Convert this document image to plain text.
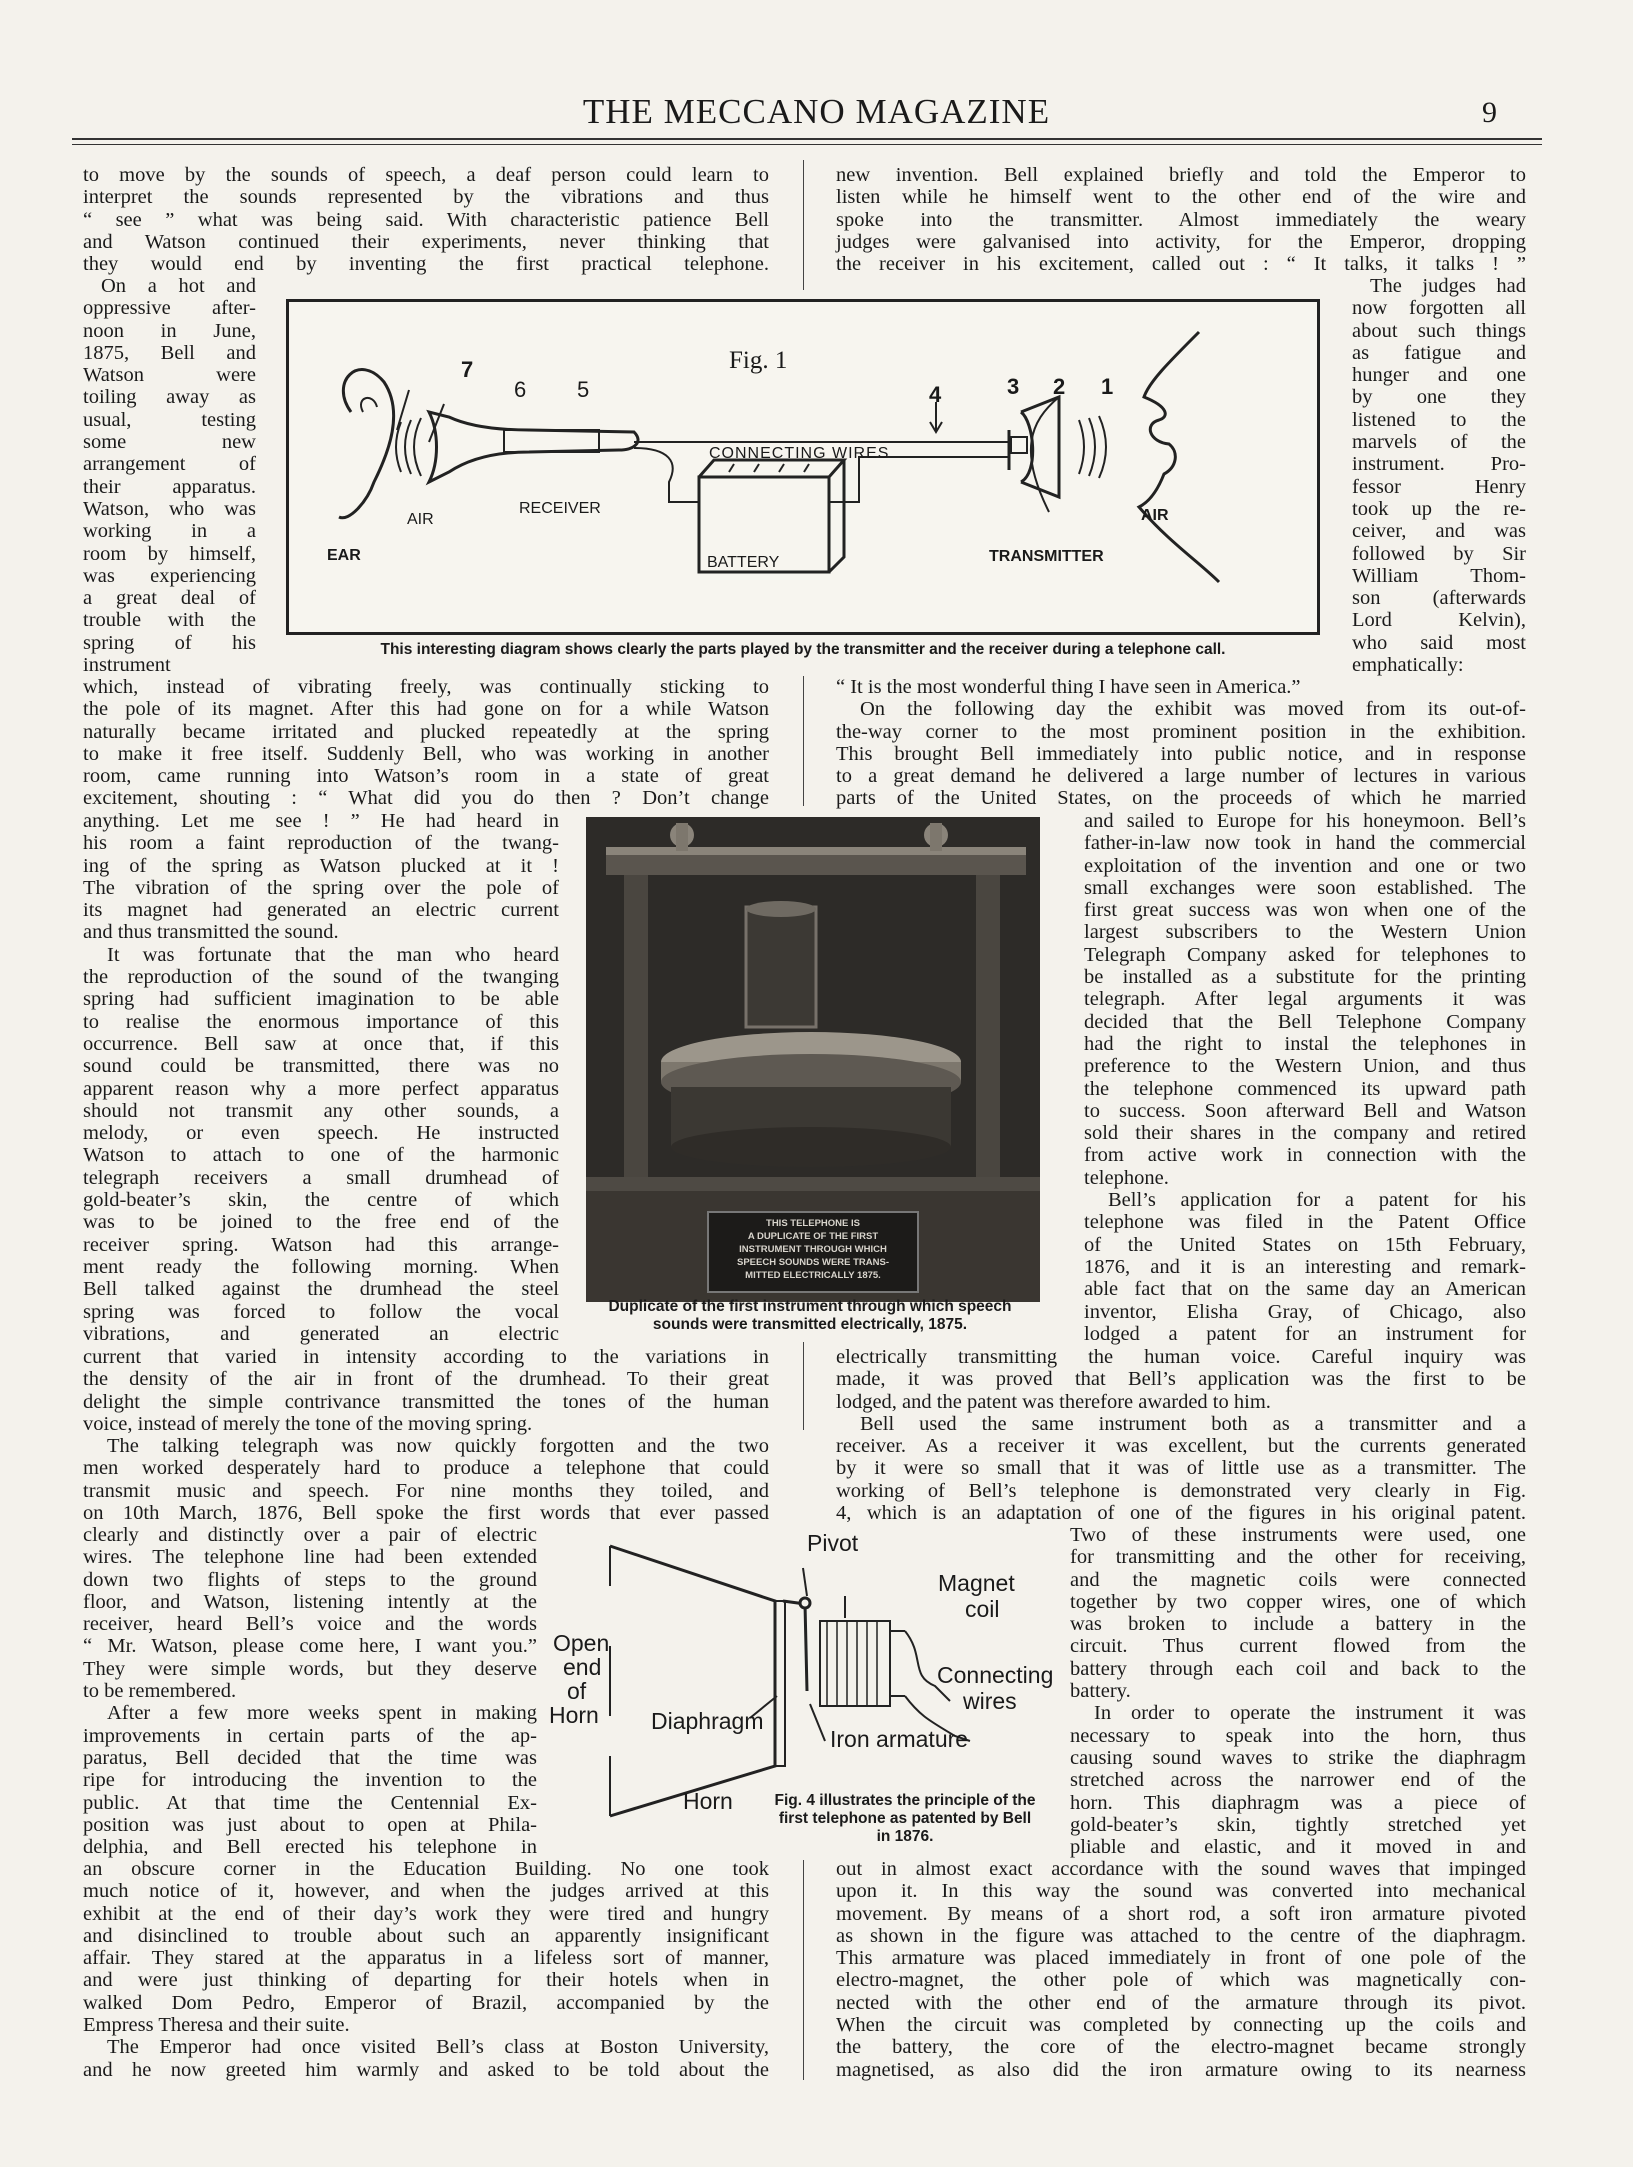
THE MECCANO MAGAZINE	9
to move by the sounds of speech, a deaf person could learn to
interpret the sounds represented by the vibrations and thus
“ see ” what was being said. With characteristic patience Bell
and Watson continued their experiments, never thinking that
they would end by inventing the first practical telephone.
On a hot and
oppressive after-
noon in June,
1875, Bell and
Watson were
toiling away as
usual, testing
some new
arrangement of
their apparatus.
Watson, who was
working in a
room by himself,
was experiencing
a great deal of
trouble with the
spring of his
instrument
which, instead of vibrating freely, was continually sticking to
the pole of its magnet. After this had gone on for a while Watson
naturally became irritated and plucked repeatedly at the spring
to make it free itself. Suddenly Bell, who was working in another
room, came running into Watson’s room in a state of great
excitement, shouting : “ What did you do then ? Don’t change
anything. Let me see ! ” He had heard in
his room a faint reproduction of the twang-
ing of the spring as Watson plucked at it !
The vibration of the spring over the pole of
its magnet had generated an electric current
and thus transmitted the sound.
It was fortunate that the man who heard
the reproduction of the sound of the twanging
spring had sufficient imagination to be able
to realise the enormous importance of this
occurrence. Bell saw at once that, if this
sound could be transmitted, there was no
apparent reason why a more perfect apparatus
should not transmit any other sounds, a
melody, or even speech. He instructed
Watson to attach to one of the harmonic
telegraph receivers a small drumhead of
gold-beater’s skin, the centre of which
was to be joined to the free end of the
receiver spring. Watson had this arrange-
ment ready the following morning. When
Bell talked against the drumhead the steel
spring was forced to follow the vocal
vibrations, and generated an electric
current that varied in intensity according to the variations in
the density of the air in front of the drumhead. To their great
delight the simple contrivance transmitted the tones of the human
voice, instead of merely the tone of the moving spring.
The talking telegraph was now quickly forgotten and the two
men worked desperately hard to produce a telephone that could
transmit music and speech. For nine months they toiled, and
on 10th March, 1876, Bell spoke the first words that ever passed
clearly and distinctly over a pair of electric
wires. The telephone line had been extended
down two flights of steps to the ground
floor, and Watson, listening intently at the
receiver, heard Bell’s voice and the words
“ Mr. Watson, please come here, I want you.”
They were simple words, but they deserve
to be remembered.
After a few more weeks spent in making
improvements in certain parts of the ap-
paratus, Bell decided that the time was
ripe for introducing the invention to the
public. At that time the Centennial Ex-
position was just about to open at Phila-
delphia, and Bell erected his telephone in
an obscure corner in the Education Building. No one took
much notice of it, however, and when the judges arrived at this
exhibit at the end of their day’s work they were tired and hungry
and disinclined to trouble about such an apparently insignificant
affair. They stared at the apparatus in a lifeless sort of manner,
and were just thinking of departing for their hotels when in
walked Dom Pedro, Emperor of Brazil, accompanied by the
Empress Theresa and their suite.
The Emperor had once visited Bell’s class at Boston University,
and he now greeted him warmly and asked to be told about the
new invention. Bell explained briefly and told the Emperor to
listen while he himself went to the other end of the wire and
spoke into the transmitter. Almost immediately the weary
judges were galvanised into activity, for the Emperor, dropping
the receiver in his excitement, called out : “ It talks, it talks ! ”
The judges had
now forgotten all
about such things
as fatigue and
hunger and one
by one they
listened to the
marvels of the
instrument. Pro-
fessor Henry
took up the re-
ceiver, and was
followed by Sir
William Thom-
son (afterwards
Lord Kelvin),
who said most
emphatically:
“ It is the most wonderful thing I have seen in America.”
On the following day the exhibit was moved from its out-of-
the-way corner to the most prominent position in the exhibition.
This brought Bell immediately into public notice, and in response
to a great demand he delivered a large number of lectures in various
parts of the United States, on the proceeds of which he married
and sailed to Europe for his honeymoon. Bell’s
father-in-law now took in hand the commercial
exploitation of the invention and one or two
small exchanges were soon established. The
first great success was won when one of the
largest subscribers to the Western Union
Telegraph Company asked for telephones to
be installed as a substitute for the printing
telegraph. After legal arguments it was
decided that the Bell Telephone Company
had the right to instal the telephones in
preference to the Western Union, and thus
the telephone commenced its upward path
to success. Soon afterward Bell and Watson
sold their shares in the company and retired
from active work in connection with the
telephone.
Bell’s application for a patent for his
telephone was filed in the Patent Office
of the United States on 15th February,
1876, and it is an interesting and remark-
able fact that on the same day an American
inventor, Elisha Gray, of Chicago, also
lodged a patent for an instrument for
electrically transmitting the human voice. Careful inquiry was
made, it was proved that Bell’s application was the first to be
lodged, and the patent was therefore awarded to him.
Bell used the same instrument both as a transmitter and a
receiver. As a receiver it was excellent, but the currents generated
by it were so small that it was of little use as a transmitter. The
working of Bell’s telephone is demonstrated very clearly in Fig.
4, which is an adaptation of one of the figures in his original patent.
Two of these instruments were used, one
for transmitting and the other for receiving,
and the magnetic coils were connected
together by two copper wires, one of which
was broken to include a battery in the
circuit. Thus current flowed from the
battery through each coil and back to the
battery.
In order to operate the instrument it was
necessary to speak into the horn, thus
causing sound waves to strike the diaphragm
stretched across the narrower end of the
horn. This diaphragm was a piece of
gold-beater’s skin, tightly stretched yet
pliable and elastic, and it moved in and
out in almost exact accordance with the sound waves that impinged
upon it. In this way the sound was converted into mechanical
movement. By means of a short rod, a soft iron armature pivoted
as shown in the figure was attached to the centre of the diaphragm.
This armature was placed immediately in front of one pole of the
electro-magnet, the other pole of which was magnetically con-
nected with the other end of the armature through its pivot.
When the circuit was completed by connecting up the coils and
the battery, the core of the electro-magnet became strongly
magnetised, as also did the iron armature owing to its nearness
Fig. 1
7
6 5	4	3 2 1
CONNECTING WIRES
RECEIVER
AIR	AIR
EAR	BATTERY	TRANSMITTER
This interesting diagram shows clearly the parts played by the transmitter and the receiver during a telephone call.
THIS TELEPHONE IS
A DUPLICATE OF THE FIRST
INSTRUMENT THROUGH WHICH
SPEECH SOUNDS WERE TRANS-
MITTED ELECTRICALLY 1875.
Duplicate of the first instrument through which speech
sounds were transmitted electrically, 1875.
Pivot
Magnet
coil
Open
end
of
Horn
Connecting
wires
Diaphragm
Iron armature
Horn	Fig. 4 illustrates the principle of the
first telephone as patented by Bell
in 1876.
